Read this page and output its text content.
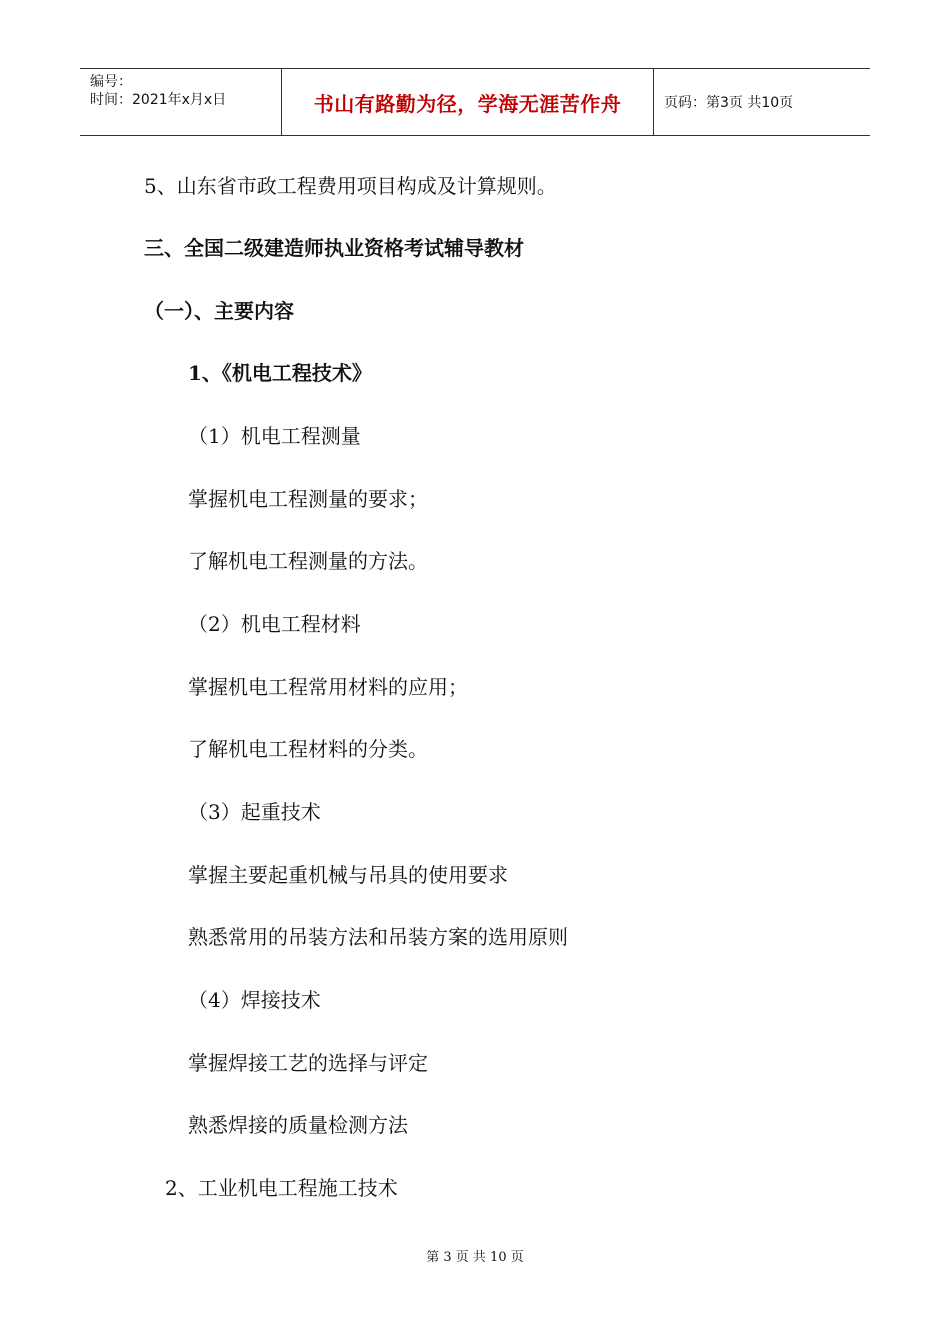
编号：
时间：2021年x月x日	书山有路勤为径，学海无涯苦作舟	页码：第3页 共10页
5、山东省市政工程费用项目构成及计算规则。
三、全国二级建造师执业资格考试辅导教材
（一）、主要内容
1、《机电工程技术》
（1）机电工程测量
掌握机电工程测量的要求；
了解机电工程测量的方法。
（2）机电工程材料
掌握机电工程常用材料的应用；
了解机电工程材料的分类。
（3）起重技术
掌握主要起重机械与吊具的使用要求
熟悉常用的吊装方法和吊装方案的选用原则
（4）焊接技术
掌握焊接工艺的选择与评定
熟悉焊接的质量检测方法
2、工业机电工程施工技术
第 3 页 共 10 页
